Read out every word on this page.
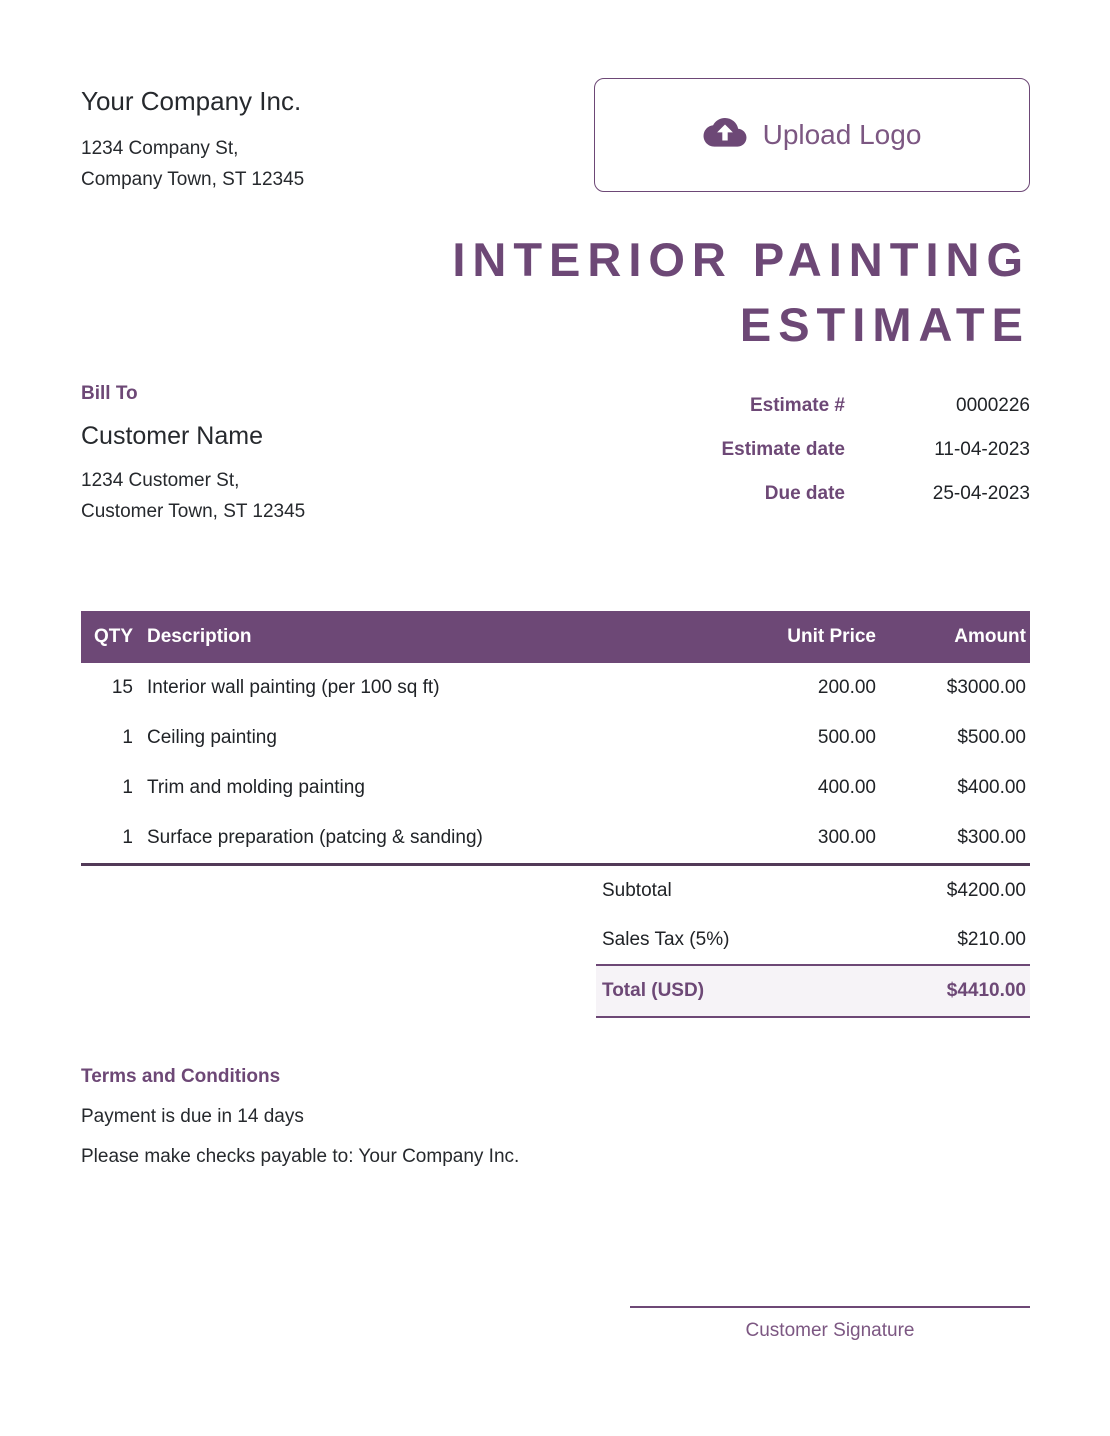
Your Company Inc.
1234 Company St,
Company Town, ST 12345
Upload Logo
INTERIOR PAINTING
ESTIMATE
Bill To
Customer Name
1234 Customer St,
Customer Town, ST 12345
Estimate #	0000226
Estimate date	11-04-2023
Due date	25-04-2023
QTY	Description	Unit Price	Amount
15	Interior wall painting (per 100 sq ft)	200.00	$3000.00
1	Ceiling painting	500.00	$500.00
1	Trim and molding painting	400.00	$400.00
1	Surface preparation (patcing & sanding)	300.00	$300.00
Subtotal	$4200.00
Sales Tax (5%)	$210.00
Total (USD)	$4410.00
Terms and Conditions
Payment is due in 14 days
Please make checks payable to: Your Company Inc.
Customer Signature
